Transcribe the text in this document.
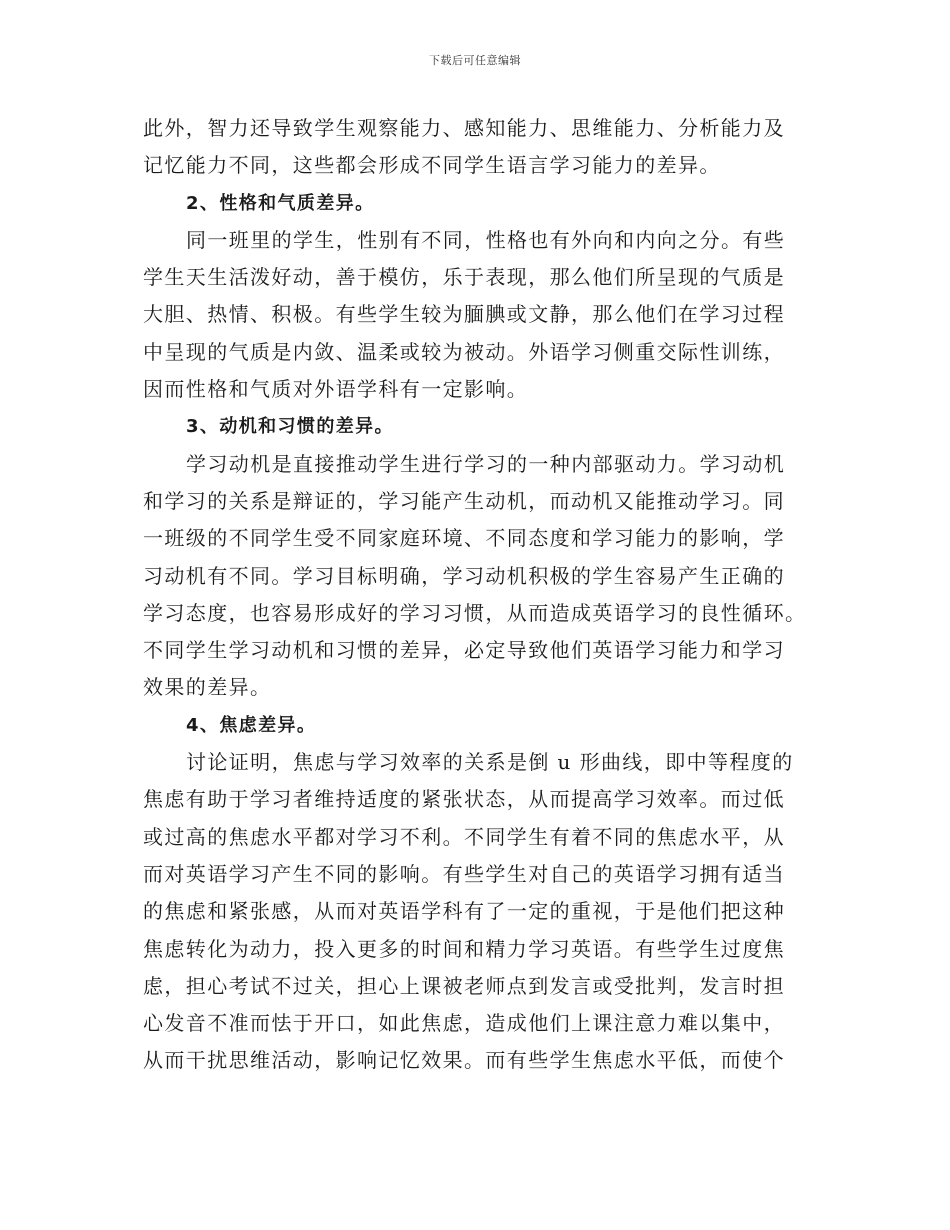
下载后可任意编辑
此外，智力还导致学生观察能力、感知能力、思维能力、分析能力及
记忆能力不同，这些都会形成不同学生语言学习能力的差异。
2、性格和气质差异。
同一班里的学生，性别有不同，性格也有外向和内向之分。有些
学生天生活泼好动，善于模仿，乐于表现，那么他们所呈现的气质是
大胆、热情、积极。有些学生较为腼腆或文静，那么他们在学习过程
中呈现的气质是内敛、温柔或较为被动。外语学习侧重交际性训练，
因而性格和气质对外语学科有一定影响。
3、动机和习惯的差异。
学习动机是直接推动学生进行学习的一种内部驱动力。学习动机
和学习的关系是辩证的，学习能产生动机，而动机又能推动学习。同
一班级的不同学生受不同家庭环境、不同态度和学习能力的影响，学
习动机有不同。学习目标明确，学习动机积极的学生容易产生正确的
学习态度，也容易形成好的学习习惯，从而造成英语学习的良性循环。
不同学生学习动机和习惯的差异，必定导致他们英语学习能力和学习
效果的差异。
4、焦虑差异。
讨论证明，焦虑与学习效率的关系是倒 u 形曲线，即中等程度的
焦虑有助于学习者维持适度的紧张状态，从而提高学习效率。而过低
或过高的焦虑水平都对学习不利。不同学生有着不同的焦虑水平，从
而对英语学习产生不同的影响。有些学生对自己的英语学习拥有适当
的焦虑和紧张感，从而对英语学科有了一定的重视，于是他们把这种
焦虑转化为动力，投入更多的时间和精力学习英语。有些学生过度焦
虑，担心考试不过关，担心上课被老师点到发言或受批判，发言时担
心发音不准而怯于开口，如此焦虑，造成他们上课注意力难以集中，
从而干扰思维活动，影响记忆效果。而有些学生焦虑水平低，而使个
